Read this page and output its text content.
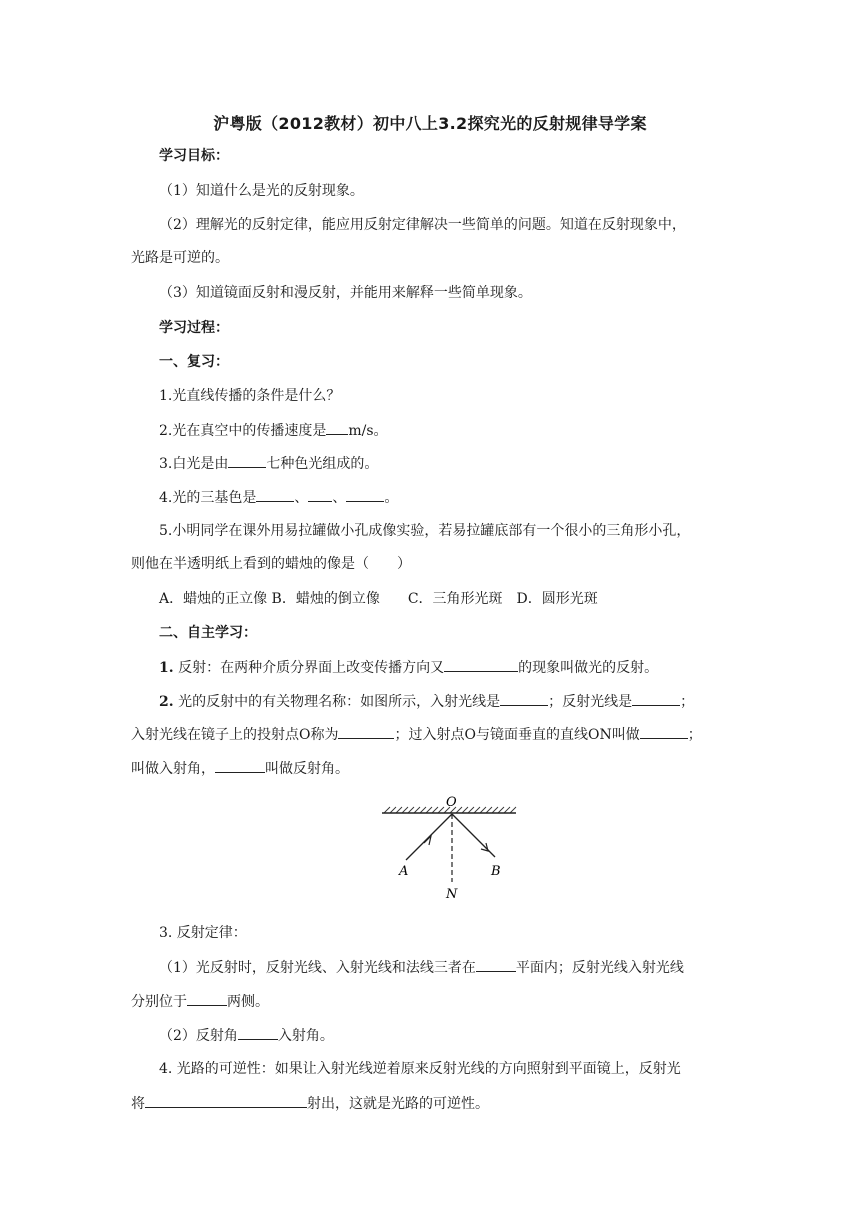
沪粤版（2012教材）初中八上3.2探究光的反射规律导学案
学习目标：
（1）知道什么是光的反射现象。
（2）理解光的反射定律，能应用反射定律解决一些简单的问题。知道在反射现象中，
光路是可逆的。
（3）知道镜面反射和漫反射，并能用来解释一些简单现象。
学习过程：
一、复习：
1.光直线传播的条件是什么？
2.光在真空中的传播速度是 m/s。
3.白光是由	七种色光组成的。
4.光的三基色是	、 、	。
5.小明同学在课外用易拉罐做小孔成像实验，若易拉罐底部有一个很小的三角形小孔，
则他在半透明纸上看到的蜡烛的像是（　　）
A．蜡烛的正立像 B．蜡烛的倒立像　　C．三角形光斑　D．圆形光斑
二、自主学习：
1. 反射：在两种介质分界面上改变传播方向又	的现象叫做光的反射。
2. 光的反射中的有关物理名称：如图所示，入射光线是	；反射光线是	；
入射光线在镜子上的投射点O称为	；过入射点O与镜面垂直的直线ON叫做	；
叫做入射角，	叫做反射角。
O
A	B
N
3. 反射定律：
（1）光反射时，反射光线、入射光线和法线三者在	平面内；反射光线入射光线
分别位于	两侧。
（2）反射角	入射角。
4. 光路的可逆性：如果让入射光线逆着原来反射光线的方向照射到平面镜上，反射光
将	射出，这就是光路的可逆性。
